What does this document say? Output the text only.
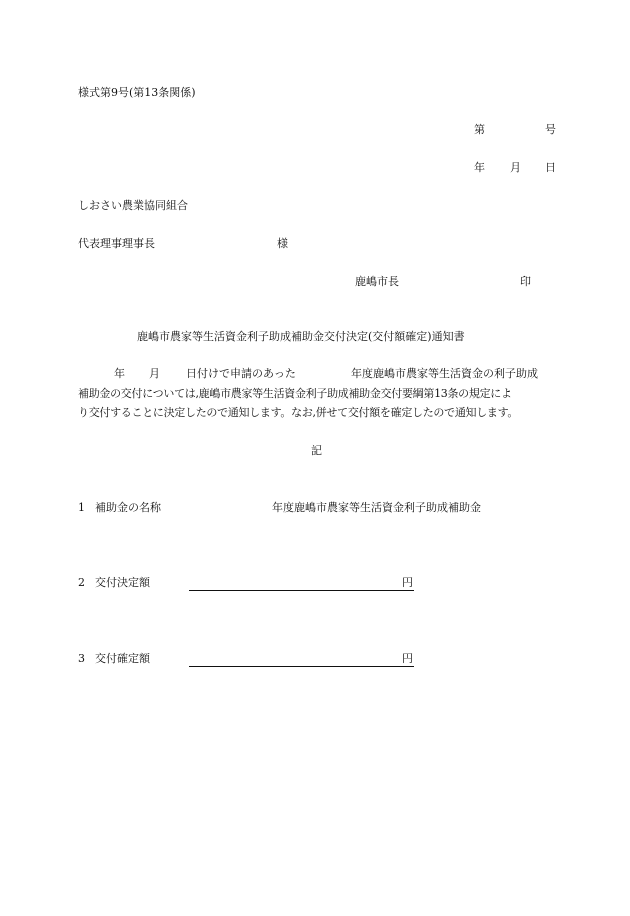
様式第9号(第13条関係)
第	号
年 月 日
しおさい農業協同組合
代表理事理事長	様
鹿嶋市長	印
鹿嶋市農家等生活資金利子助成補助金交付決定(交付額確定)通知書
年 月 日付けで申請のあった	年度鹿嶋市農家等生活資金の利子助成
補助金の交付については,鹿嶋市農家等生活資金利子助成補助金交付要綱第13条の規定によ
り交付することに決定したので通知します。なお,併せて交付額を確定したので通知します。
記
1 補助金の名称	年度鹿嶋市農家等生活資金利子助成補助金
2 交付決定額	円
3 交付確定額	円
